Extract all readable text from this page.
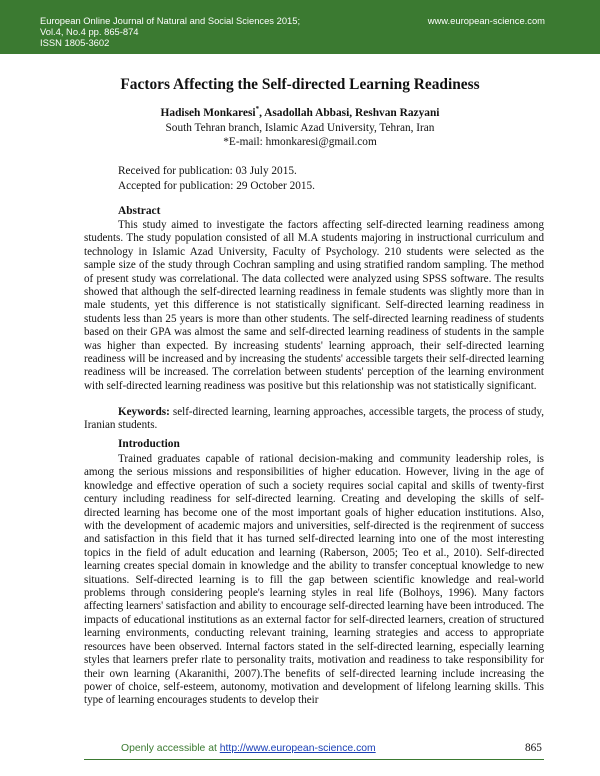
European Online Journal of Natural and Social Sciences 2015;
Vol.4, No.4 pp. 865-874
ISSN 1805-3602
www.european-science.com
Factors Affecting the Self-directed Learning Readiness
Hadiseh Monkaresi*, Asadollah Abbasi, Reshvan Razyani
South Tehran branch, Islamic Azad University, Tehran, Iran
*E-mail: hmonkaresi@gmail.com
Received for publication: 03 July 2015.
Accepted for publication: 29 October 2015.
Abstract

This study aimed to investigate the factors affecting self-directed learning readiness among students. The study population consisted of all M.A students majoring in instructional curriculum and technology in Islamic Azad University, Faculty of Psychology. 210 students were selected as the sample size of the study through Cochran sampling and using stratified random sampling. The method of present study was correlational. The data collected were analyzed using SPSS software. The results showed that although the self-directed learning readiness in female students was slightly more than in male students, yet this difference is not statistically significant. Self-directed learning readiness in students less than 25 years is more than other students. The self-directed learning readiness of students based on their GPA was almost the same and self-directed learning readiness of students in the sample was higher than expected. By increasing students' learning approach, their self-directed learning readiness will be increased and by increasing the students' accessible targets their self-directed learning readiness will be increased. The correlation between students' perception of the learning environment with self-directed learning readiness was positive but this relationship was not statistically significant.

Keywords: self-directed learning, learning approaches, accessible targets, the process of study, Iranian students.

Introduction

Trained graduates capable of rational decision-making and community leadership roles, is among the serious missions and responsibilities of higher education. However, living in the age of knowledge and effective operation of such a society requires social capital and skills of twenty-first century including readiness for self-directed learning. Creating and developing the skills of self-directed learning has become one of the most important goals of higher education institutions. Also, with the development of academic majors and universities, self-directed is the reqirenment of success and satisfaction in this field that it has turned self-directed learning into one of the most interesting topics in the field of adult education and learning (Raberson, 2005; Teo et al., 2010). Self-directed learning creates special domain in knowledge and the ability to transfer conceptual knowledge to new situations. Self-directed learning is to fill the gap between scientific knowledge and real-world problems through considering people's learning styles in real life (Bolhoys, 1996). Many factors affecting learners' satisfaction and ability to encourage self-directed learning have been introduced. The impacts of educational institutions as an external factor for self-directed learners, creation of structured learning environments, conducting relevant training, learning strategies and access to appropriate resources have been observed. Internal factors stated in the self-directed learning, especially learning styles that learners prefer rlate to personality traits, motivation and readiness to take responsibility for their own learning (Akaranithi, 2007).The benefits of self-directed learning include increasing the power of choice, self-esteem, autonomy, motivation and development of lifelong learning skills. This type of learning encourages students to develop their

Openly accessible at http://www.european-science.com	865
